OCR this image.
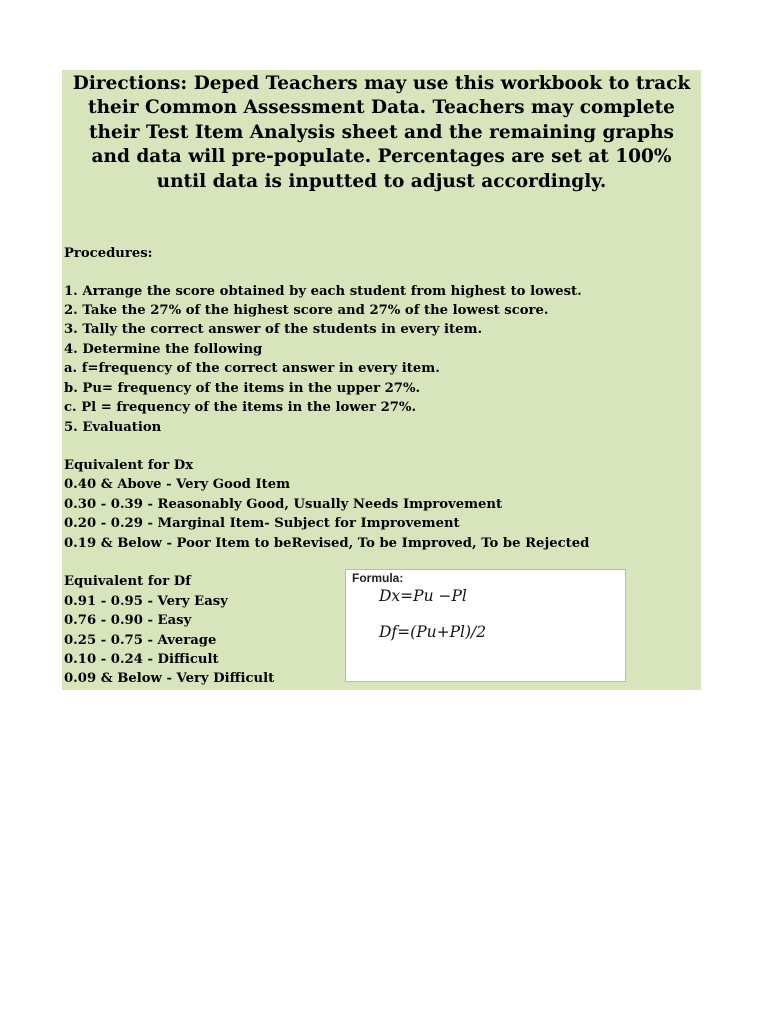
Directions: Deped Teachers may use this workbook to track
their Common Assessment Data. Teachers may complete
their Test Item Analysis sheet and the remaining graphs
and data will pre-populate. Percentages are set at 100%
until data is inputted to adjust accordingly.
Procedures:
1. Arrange the score obtained by each student from highest to lowest.
2. Take the 27% of the highest score and 27% of the lowest score.
3. Tally the correct answer of the students in every item.
4. Determine the following
a. f=frequency of the correct answer in every item.
b. Pu= frequency of the items in the upper 27%.
c. Pl = frequency of the items in the lower 27%.
5. Evaluation
Equivalent for Dx
0.40 & Above - Very Good Item
0.30 - 0.39 - Reasonably Good, Usually Needs Improvement
0.20 - 0.29 - Marginal Item- Subject for Improvement
0.19 & Below - Poor Item to beRevised, To be Improved, To be Rejected
Equivalent for Df
0.91 - 0.95 - Very Easy
0.76 - 0.90 - Easy
0.25 - 0.75 - Average
0.10 - 0.24 - Difficult
0.09 & Below - Very Difficult
Formula:
Dx=Pu −Pl
Df=(Pu+Pl)/2
